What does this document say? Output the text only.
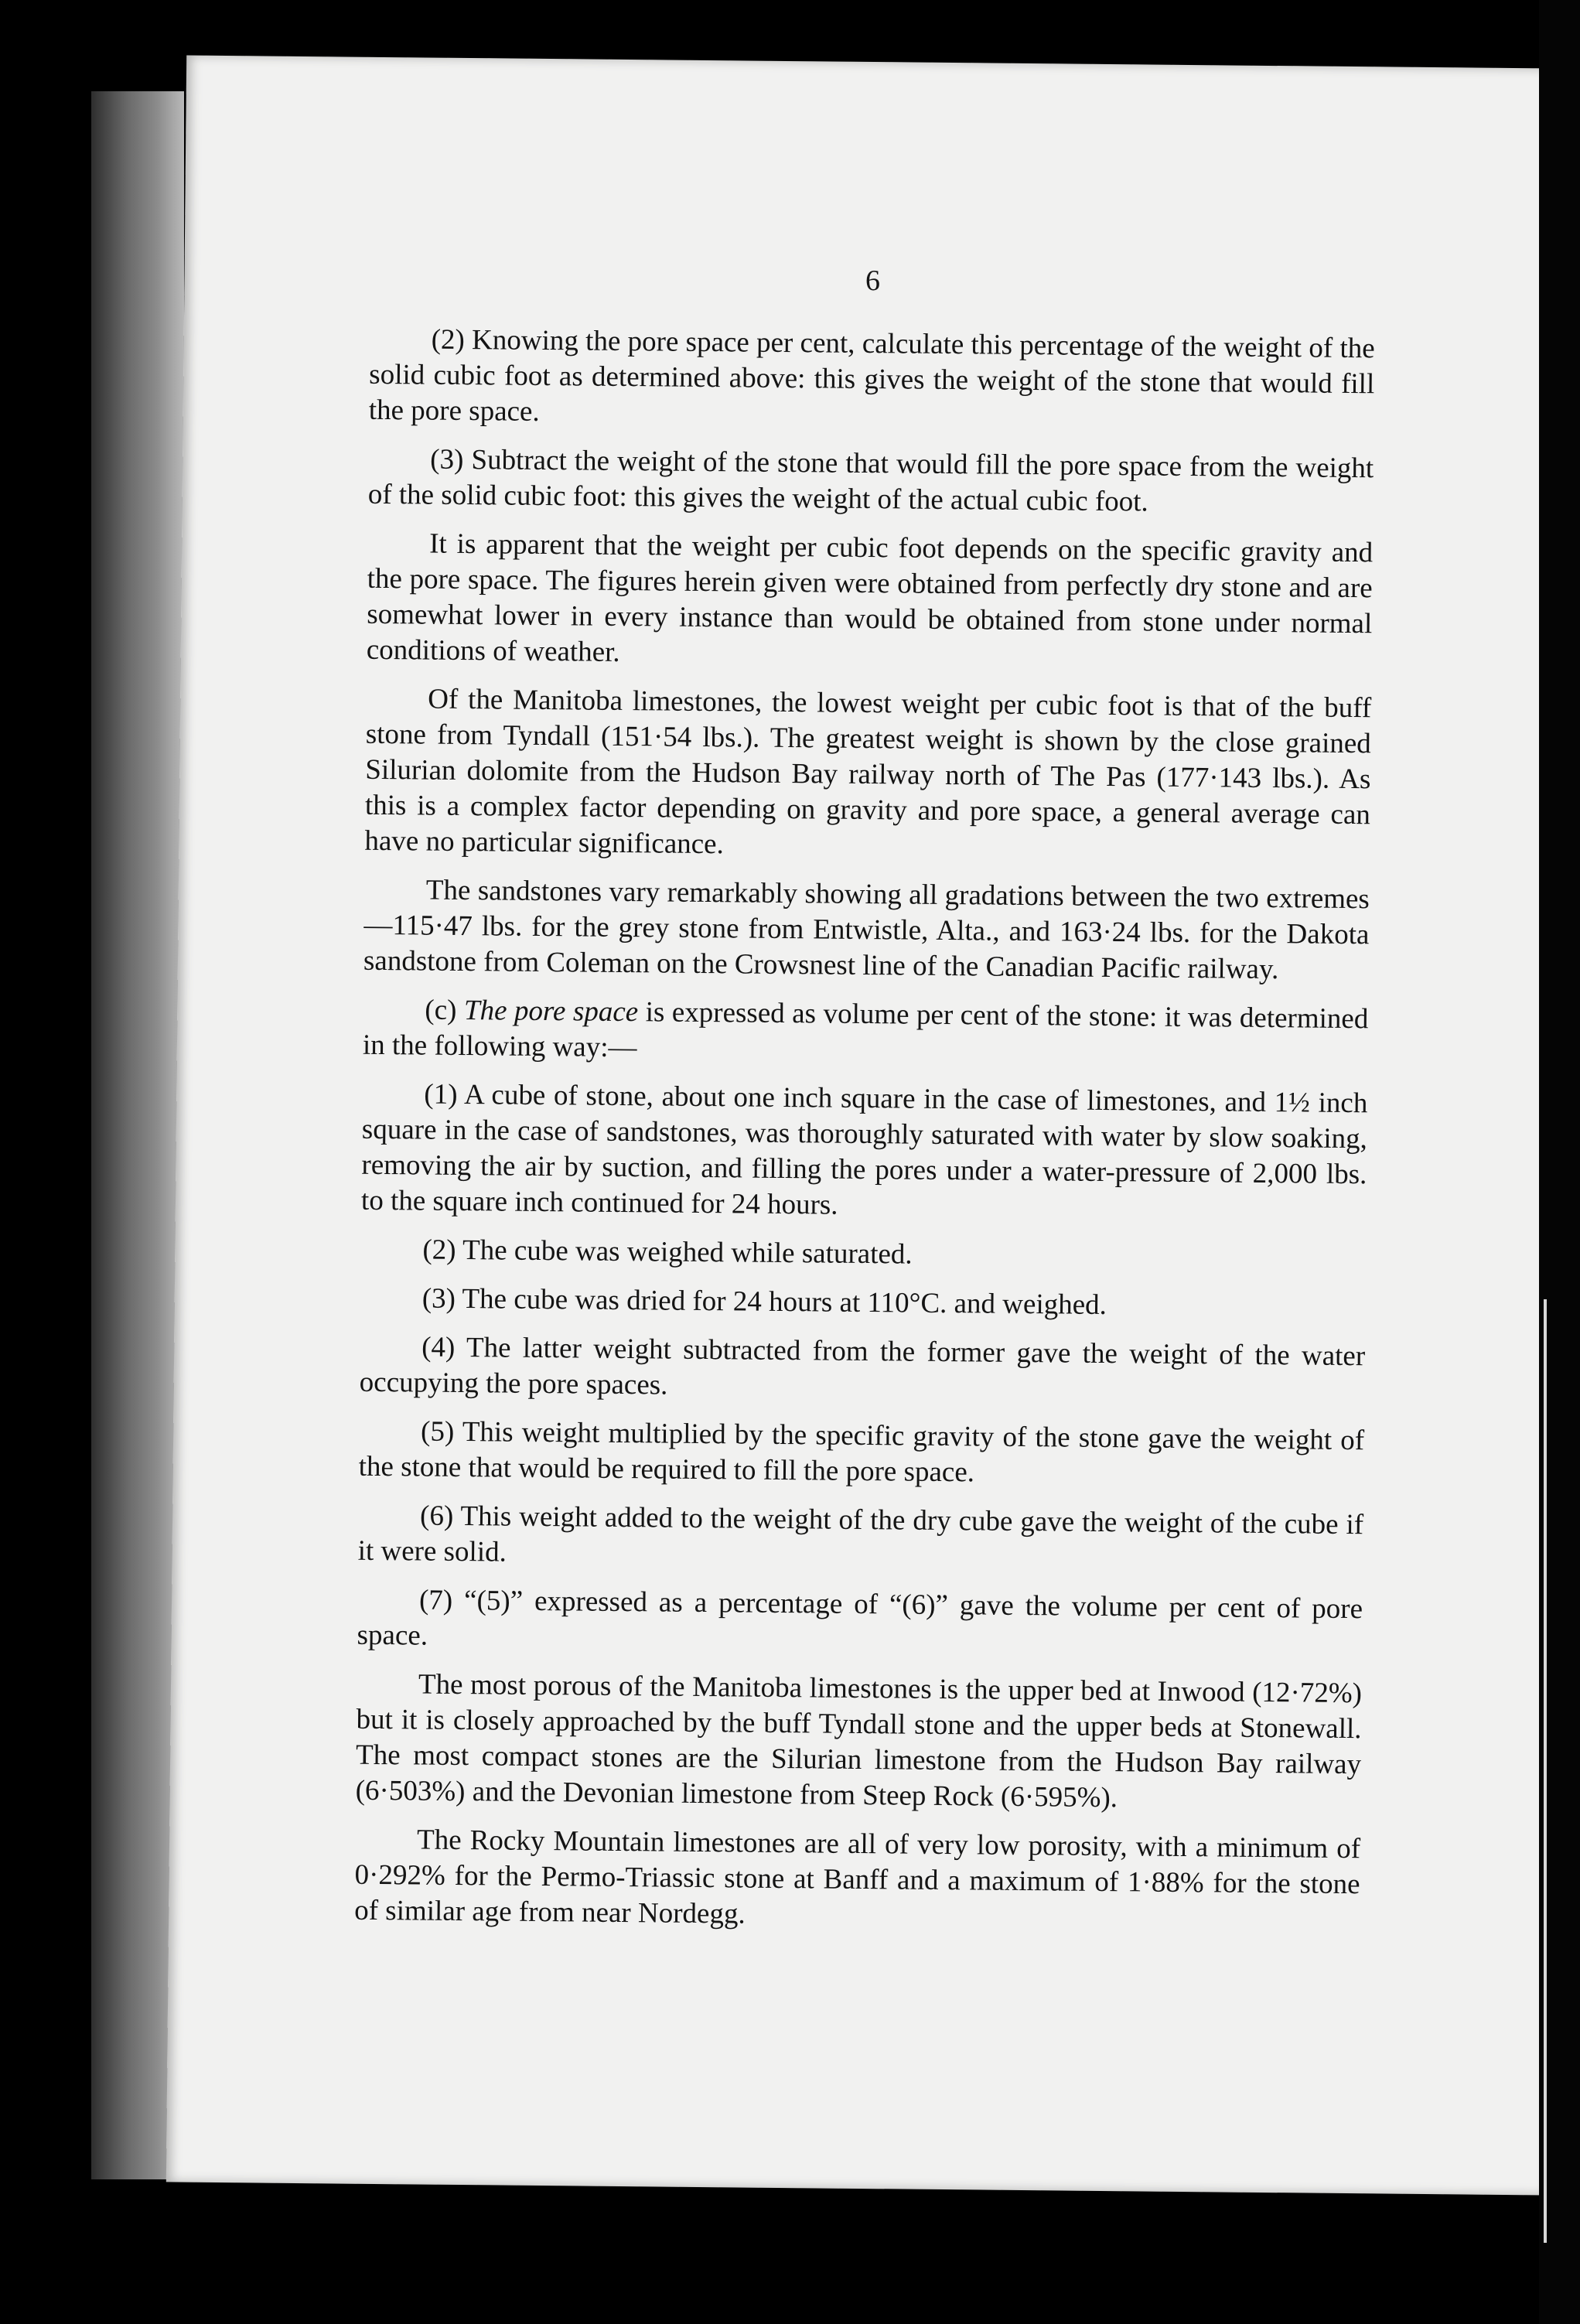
6

(2) Knowing the pore space per cent, calculate this percentage of the weight of the solid cubic foot as determined above: this gives the weight of the stone that would fill the pore space.

(3) Subtract the weight of the stone that would fill the pore space from the weight of the solid cubic foot: this gives the weight of the actual cubic foot.

It is apparent that the weight per cubic foot depends on the specific gravity and the pore space. The figures herein given were obtained from perfectly dry stone and are somewhat lower in every instance than would be obtained from stone under normal conditions of weather.

Of the Manitoba limestones, the lowest weight per cubic foot is that of the buff stone from Tyndall (151·54 lbs.). The greatest weight is shown by the close grained Silurian dolomite from the Hudson Bay railway north of The Pas (177·143 lbs.). As this is a complex factor depending on gravity and pore space, a general average can have no particular significance.

The sandstones vary remarkably showing all gradations between the two extremes—115·47 lbs. for the grey stone from Entwistle, Alta., and 163·24 lbs. for the Dakota sandstone from Coleman on the Crowsnest line of the Canadian Pacific railway.

(c) The pore space is expressed as volume per cent of the stone: it was determined in the following way:—

(1) A cube of stone, about one inch square in the case of limestones, and 1½ inch square in the case of sandstones, was thoroughly saturated with water by slow soaking, removing the air by suction, and filling the pores under a water-pressure of 2,000 lbs. to the square inch continued for 24 hours.

(2) The cube was weighed while saturated.

(3) The cube was dried for 24 hours at 110°C. and weighed.

(4) The latter weight subtracted from the former gave the weight of the water occupying the pore spaces.

(5) This weight multiplied by the specific gravity of the stone gave the weight of the stone that would be required to fill the pore space.

(6) This weight added to the weight of the dry cube gave the weight of the cube if it were solid.

(7) “(5)” expressed as a percentage of “(6)” gave the volume per cent of pore space.

The most porous of the Manitoba limestones is the upper bed at Inwood (12·72%) but it is closely approached by the buff Tyndall stone and the upper beds at Stonewall. The most compact stones are the Silurian limestone from the Hudson Bay railway (6·503%) and the Devonian limestone from Steep Rock (6·595%).

The Rocky Mountain limestones are all of very low porosity, with a minimum of 0·292% for the Permo-Triassic stone at Banff and a maximum of 1·88% for the stone of similar age from near Nordegg.
